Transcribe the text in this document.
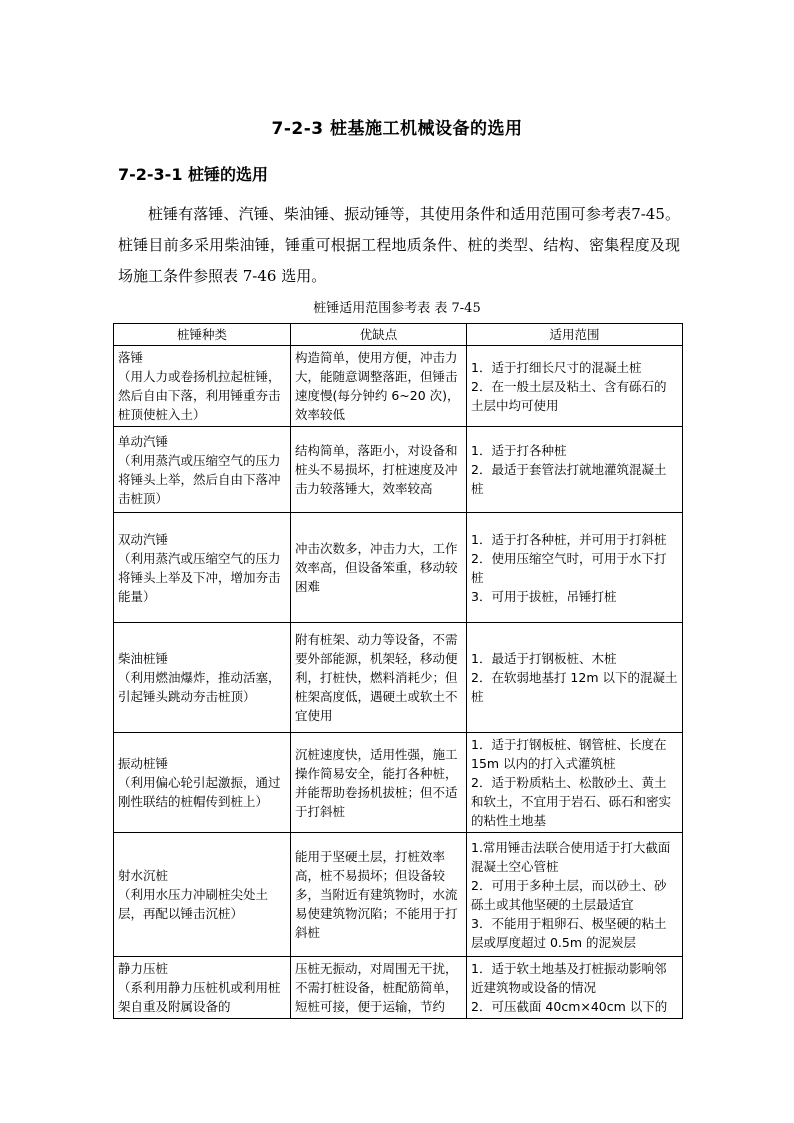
7-2-3 桩基施工机械设备的选用
7-2-3-1 桩锤的选用
桩锤有落锤、汽锤、柴油锤、振动锤等，其使用条件和适用范围可参考表7-45。桩锤目前多采用柴油锤，锤重可根据工程地质条件、桩的类型、结构、密集程度及现场施工条件参照表 7-46 选用。
桩锤适用范围参考表 表 7-45
桩锤种类	优缺点	适用范围

落锤
（用人力或卷扬机拉起桩锤，然后自由下落，利用锤重夯击桩顶使桩入土）	构造简单，使用方便，冲击力大，能随意调整落距，但锤击速度慢(每分钟约 6~20 次)，效率较低	1．适于打细长尺寸的混凝土桩
2．在一般土层及粘土、含有砾石的土层中均可使用

单动汽锤
（利用蒸汽或压缩空气的压力将锤头上举，然后自由下落冲击桩顶）	结构简单，落距小，对设备和桩头不易损坏，打桩速度及冲击力较落锤大，效率较高	1．适于打各种桩
2．最适于套管法打就地灌筑混凝土桩

双动汽锤
（利用蒸汽或压缩空气的压力将锤头上举及下冲，增加夯击能量）	冲击次数多，冲击力大，工作效率高，但设备笨重，移动较困难	1．适于打各种桩，并可用于打斜桩
2．使用压缩空气时，可用于水下打桩
3．可用于拔桩，吊锤打桩

柴油桩锤
（利用燃油爆炸，推动活塞，引起锤头跳动夯击桩顶）	附有桩架、动力等设备，不需要外部能源，机架轻，移动便利，打桩快，燃料消耗少；但桩架高度低，遇硬土或软土不宜使用	1．最适于打钢板桩、木桩
2．在软弱地基打 12m 以下的混凝土桩

振动桩锤
（利用偏心轮引起激振，通过刚性联结的桩帽传到桩上）	沉桩速度快，适用性强，施工操作简易安全，能打各种桩，并能帮助卷扬机拔桩；但不适于打斜桩	1．适于打钢板桩、钢管桩、长度在 15m 以内的打入式灌筑桩
2．适于粉质粘土、松散砂土、黄土和软土，不宜用于岩石、砾石和密实的粘性土地基

射水沉桩
（利用水压力冲刷桩尖处土层，再配以锤击沉桩）	能用于坚硬土层，打桩效率高，桩不易损坏；但设备较多，当附近有建筑物时，水流易使建筑物沉陷；不能用于打斜桩	1.常用锤击法联合使用适于打大截面混凝土空心管桩
2．可用于多种土层，而以砂土、砂砾土或其他坚硬的土层最适宜
3．不能用于粗卵石、极坚硬的粘土层或厚度超过 0.5m 的泥炭层

静力压桩
（系利用静力压桩机或利用桩架自重及附属设备的	压桩无振动，对周围无干扰，不需打桩设备，桩配筋简单，短桩可接，便于运输，节约	1．适于软土地基及打桩振动影响邻近建筑物或设备的情况
2．可压截面 40cm×40cm 以下的
